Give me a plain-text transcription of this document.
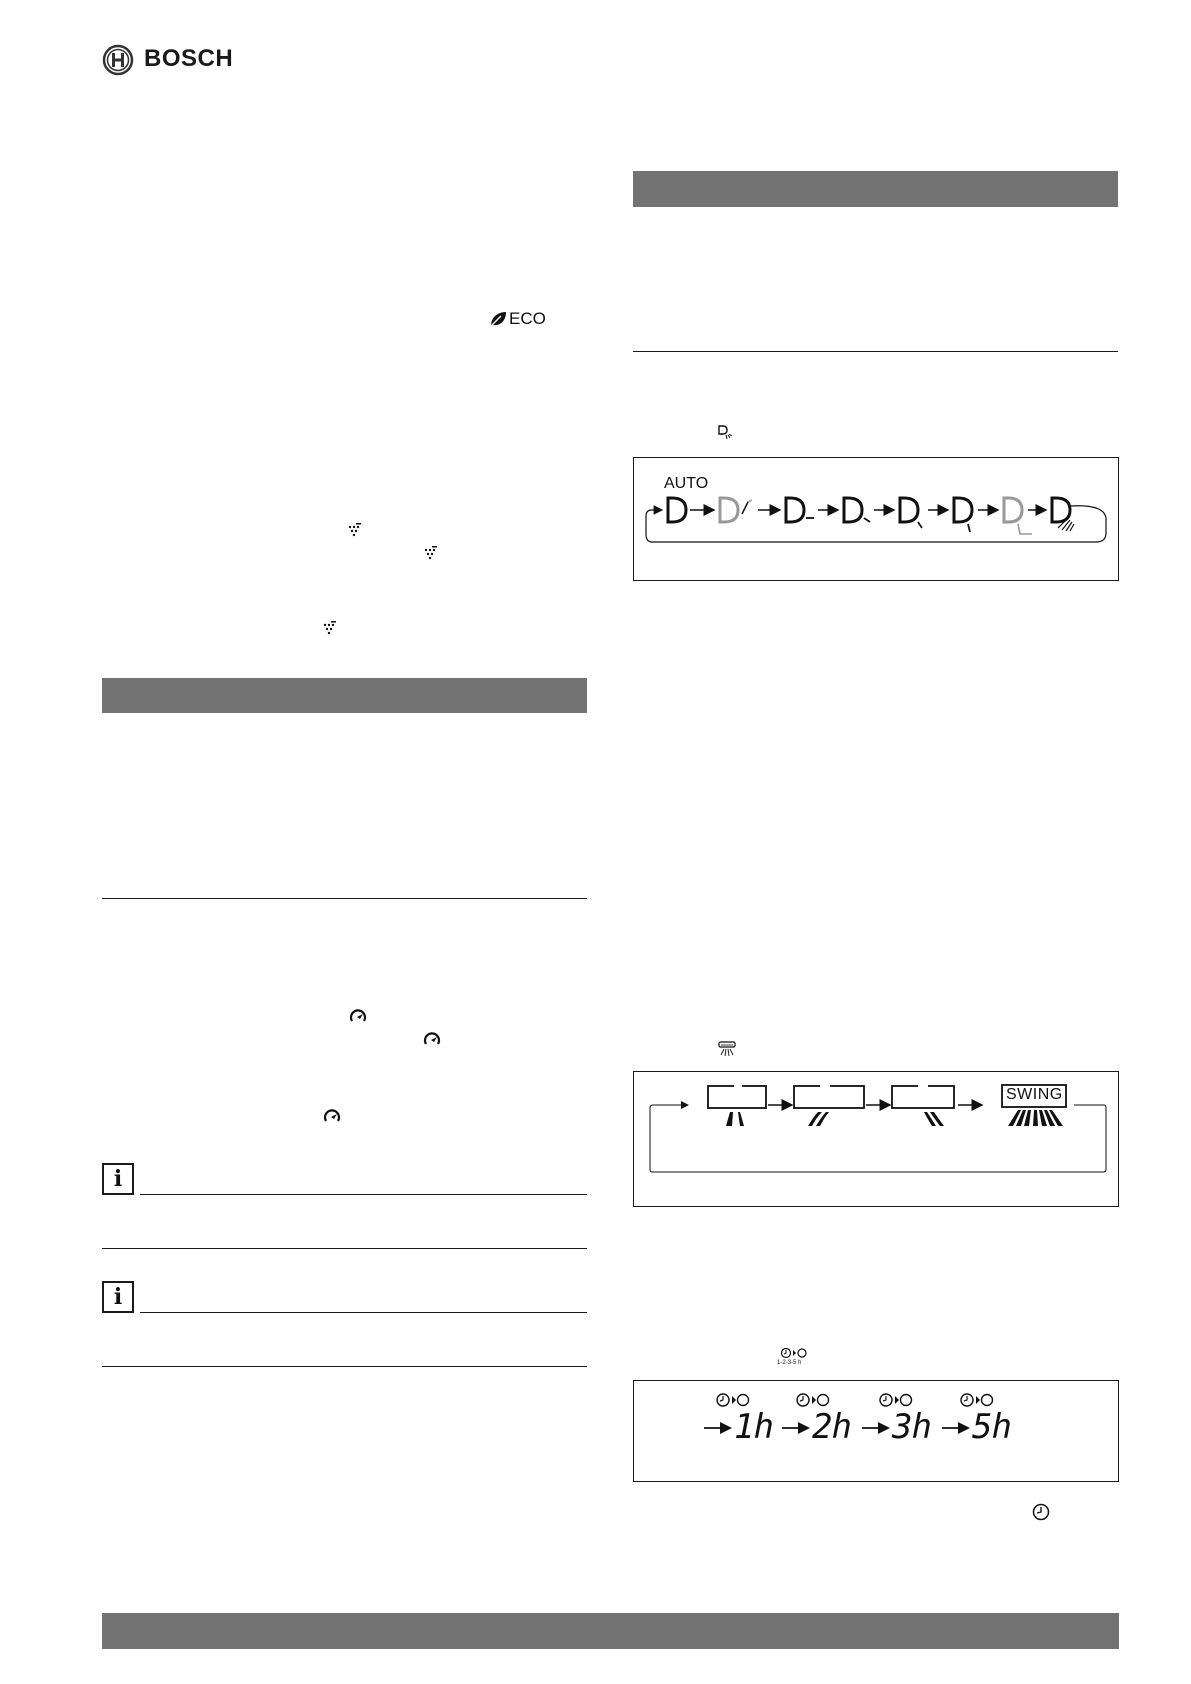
BOSCH
ECO
i
i
AUTO
SWING
1-2-3-5 h
1h 2h 3h 5h
